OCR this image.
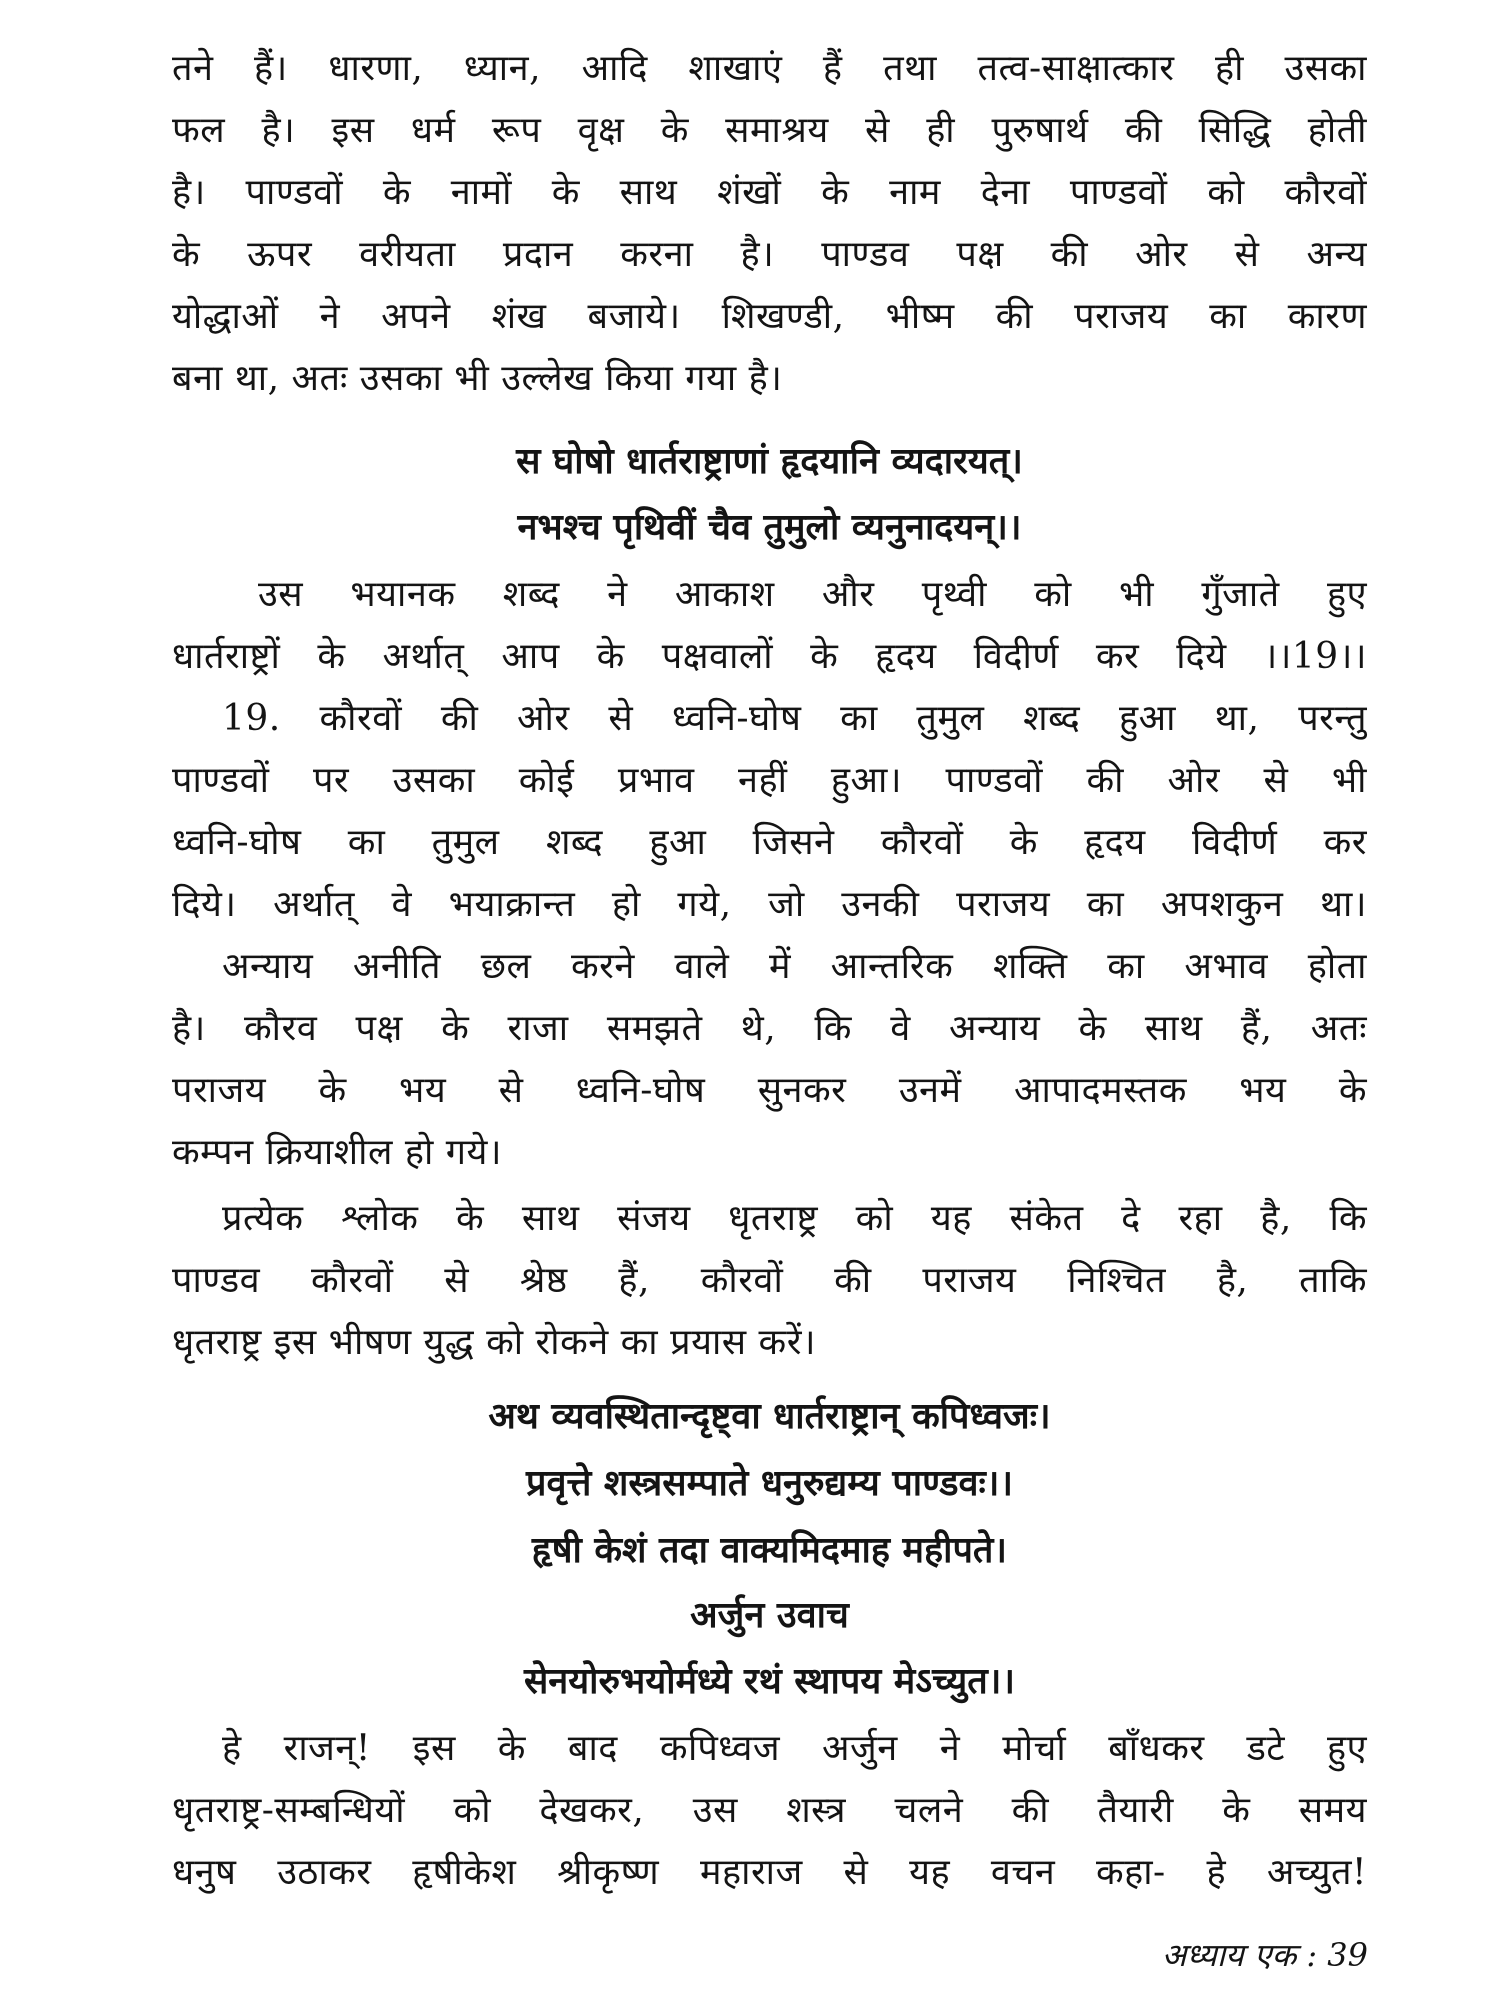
तने हैं। धारणा, ध्यान, आदि शाखाएं हैं तथा तत्व-साक्षात्कार ही उसका
फल है। इस धर्म रूप वृक्ष के समाश्रय से ही पुरुषार्थ की सिद्धि होती
है। पाण्डवों के नामों के साथ शंखों के नाम देना पाण्डवों को कौरवों
के ऊपर वरीयता प्रदान करना है। पाण्डव पक्ष की ओर से अन्य
योद्धाओं ने अपने शंख बजाये। शिखण्डी, भीष्म की पराजय का कारण
बना था, अतः उसका भी उल्लेख किया गया है।
स घोषो धार्तराष्ट्राणां हृदयानि व्यदारयत्।
नभश्च पृथिवीं चैव तुमुलो व्यनुनादयन्।।
उस भयानक शब्द ने आकाश और पृथ्वी को भी गुँजाते हुए
धार्तराष्ट्रों के अर्थात् आप के पक्षवालों के हृदय विदीर्ण कर दिये ।।19।।
19. कौरवों की ओर से ध्वनि-घोष का तुमुल शब्द हुआ था, परन्तु
पाण्डवों पर उसका कोई प्रभाव नहीं हुआ। पाण्डवों की ओर से भी
ध्वनि-घोष का तुमुल शब्द हुआ जिसने कौरवों के हृदय विदीर्ण कर
दिये। अर्थात् वे भयाक्रान्त हो गये, जो उनकी पराजय का अपशकुन था।
अन्याय अनीति छल करने वाले में आन्तरिक शक्ति का अभाव होता
है। कौरव पक्ष के राजा समझते थे, कि वे अन्याय के साथ हैं, अतः
पराजय के भय से ध्वनि-घोष सुनकर उनमें आपादमस्तक भय के
कम्पन क्रियाशील हो गये।
प्रत्येक श्लोक के साथ संजय धृतराष्ट्र को यह संकेत दे रहा है, कि
पाण्डव कौरवों से श्रेष्ठ हैं, कौरवों की पराजय निश्चित है, ताकि
धृतराष्ट्र इस भीषण युद्ध को रोकने का प्रयास करें।
अथ व्यवस्थितान्दृष्ट्वा धार्तराष्ट्रान् कपिध्वजः।
प्रवृत्ते शस्त्रसम्पाते धनुरुद्यम्य पाण्डवः।।
हृषी केशं तदा वाक्यमिदमाह महीपते।
अर्जुन उवाच
सेनयोरुभयोर्मध्ये रथं स्थापय मेऽच्युत।।
हे राजन्! इस के बाद कपिध्वज अर्जुन ने मोर्चा बाँधकर डटे हुए
धृतराष्ट्र-सम्बन्धियों को देखकर, उस शस्त्र चलने की तैयारी के समय
धनुष उठाकर हृषीकेश श्रीकृष्ण महाराज से यह वचन कहा- हे अच्युत!
अध्याय एक : 39
